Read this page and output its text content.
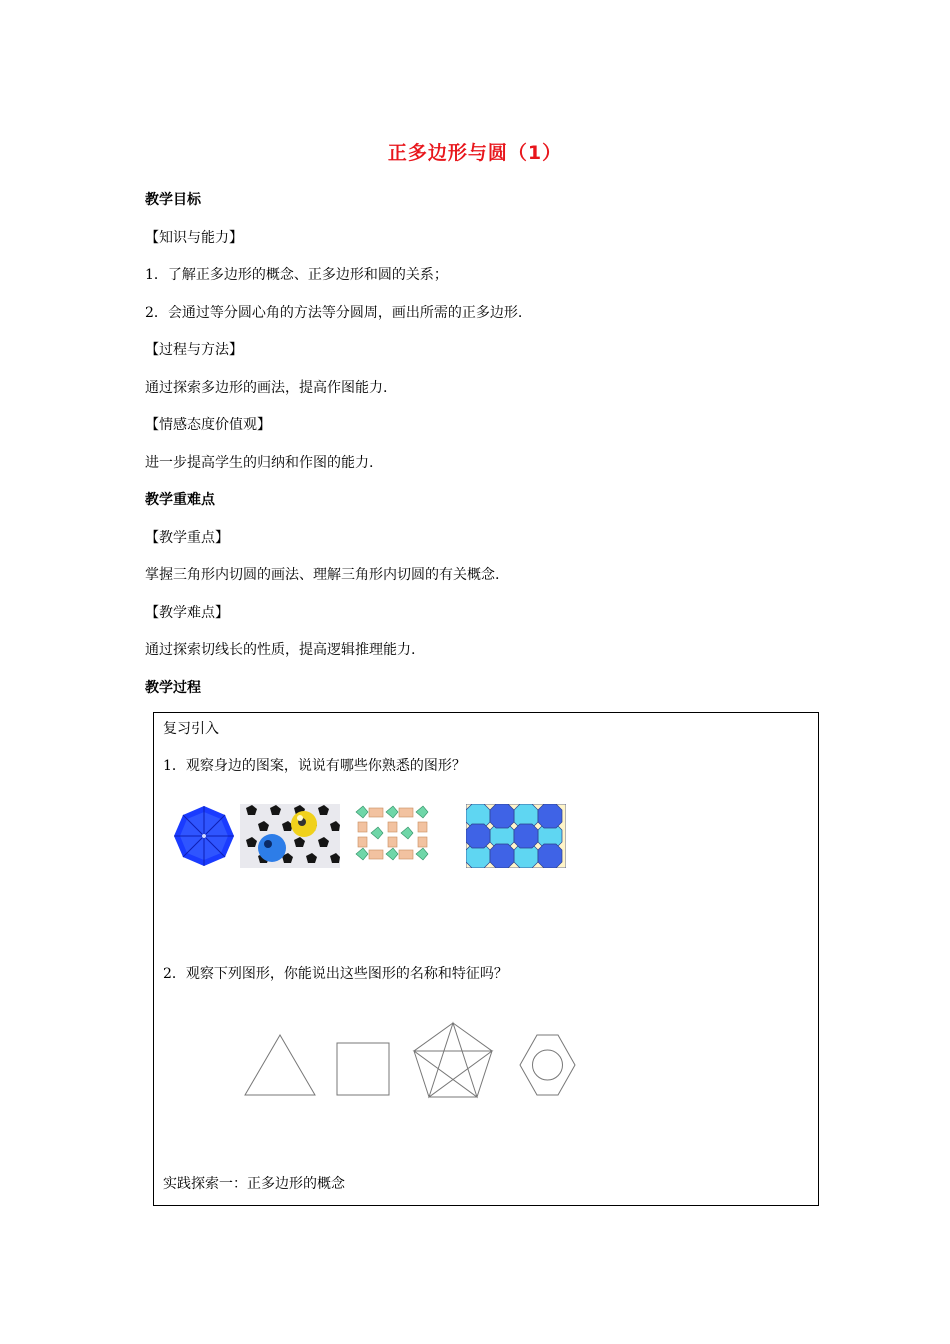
正多边形与圆（1）
教学目标
【知识与能力】
1．了解正多边形的概念、正多边形和圆的关系；
2．会通过等分圆心角的方法等分圆周，画出所需的正多边形.
【过程与方法】
通过探索多边形的画法，提高作图能力.
【情感态度价值观】
进一步提高学生的归纳和作图的能力.
教学重难点
【教学重点】
掌握三角形内切圆的画法、理解三角形内切圆的有关概念.
【教学难点】
通过探索切线长的性质，提高逻辑推理能力.
教学过程
复习引入
1．观察身边的图案，说说有哪些你熟悉的图形？
2．观察下列图形，你能说出这些图形的名称和特征吗？
实践探索一：正多边形的概念
